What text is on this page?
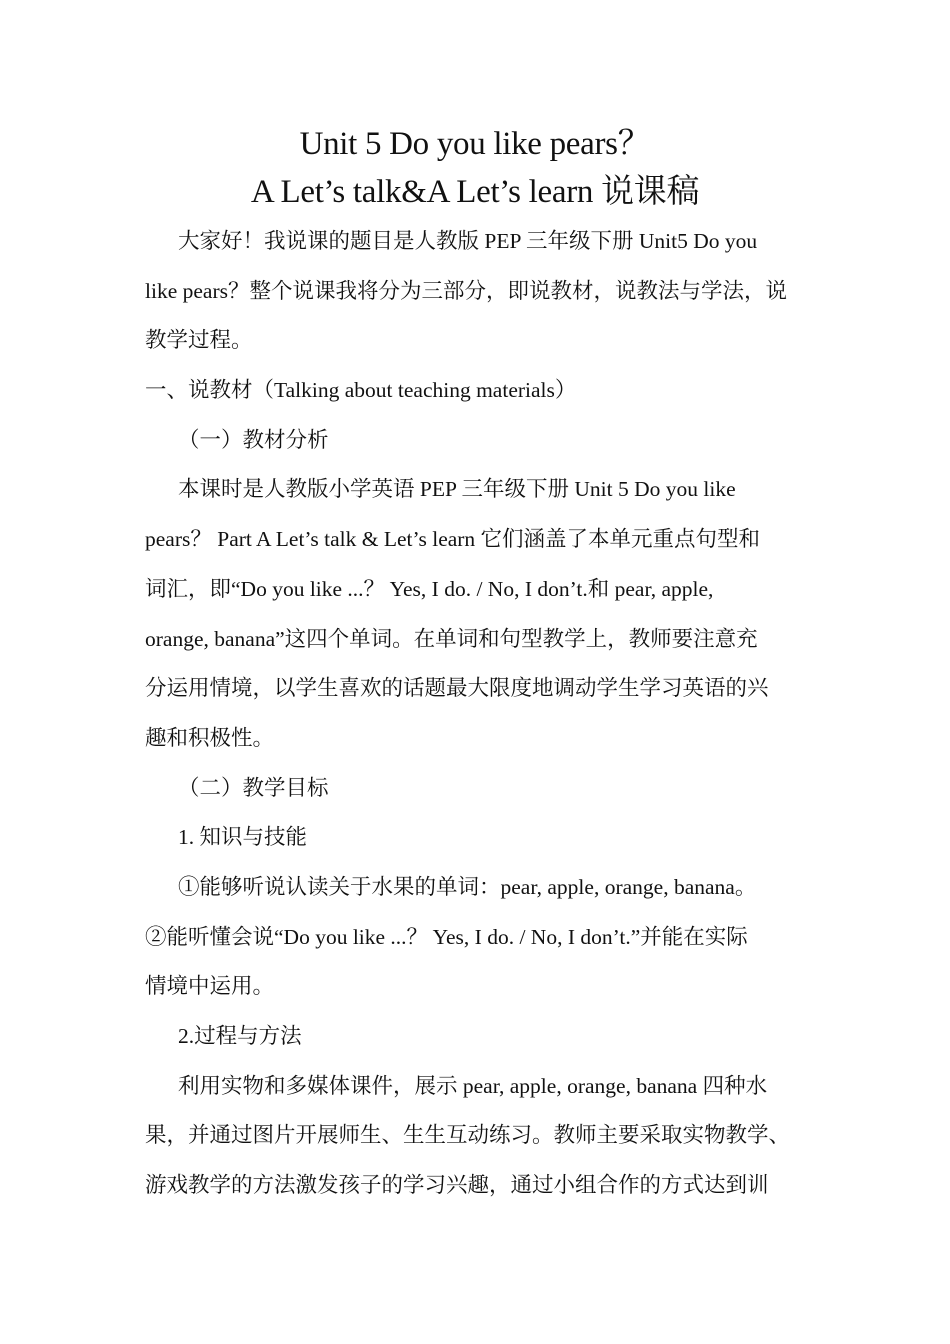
Unit 5 Do you like pears？
A Let’s talk&A Let’s learn 说课稿
大家好！我说课的题目是人教版 PEP 三年级下册 Unit5 Do you
like pears？整个说课我将分为三部分，即说教材，说教法与学法，说
教学过程。
一、说教材（Talking about teaching materials）
（一）教材分析
本课时是人教版小学英语 PEP 三年级下册 Unit 5 Do you like
pears？ Part A Let’s talk & Let’s learn 它们涵盖了本单元重点句型和
词汇，即“Do you like ...？ Yes, I do. / No, I don’t.和 pear, apple,
orange, banana”这四个单词。在单词和句型教学上，教师要注意充
分运用情境，以学生喜欢的话题最大限度地调动学生学习英语的兴
趣和积极性。
（二）教学目标
1. 知识与技能
①能够听说认读关于水果的单词：pear, apple, orange, banana。
②能听懂会说“Do you like ...？ Yes, I do. / No, I don’t.”并能在实际
情境中运用。
2.过程与方法
利用实物和多媒体课件，展示 pear, apple, orange, banana 四种水
果，并通过图片开展师生、生生互动练习。教师主要采取实物教学、
游戏教学的方法激发孩子的学习兴趣，通过小组合作的方式达到训
